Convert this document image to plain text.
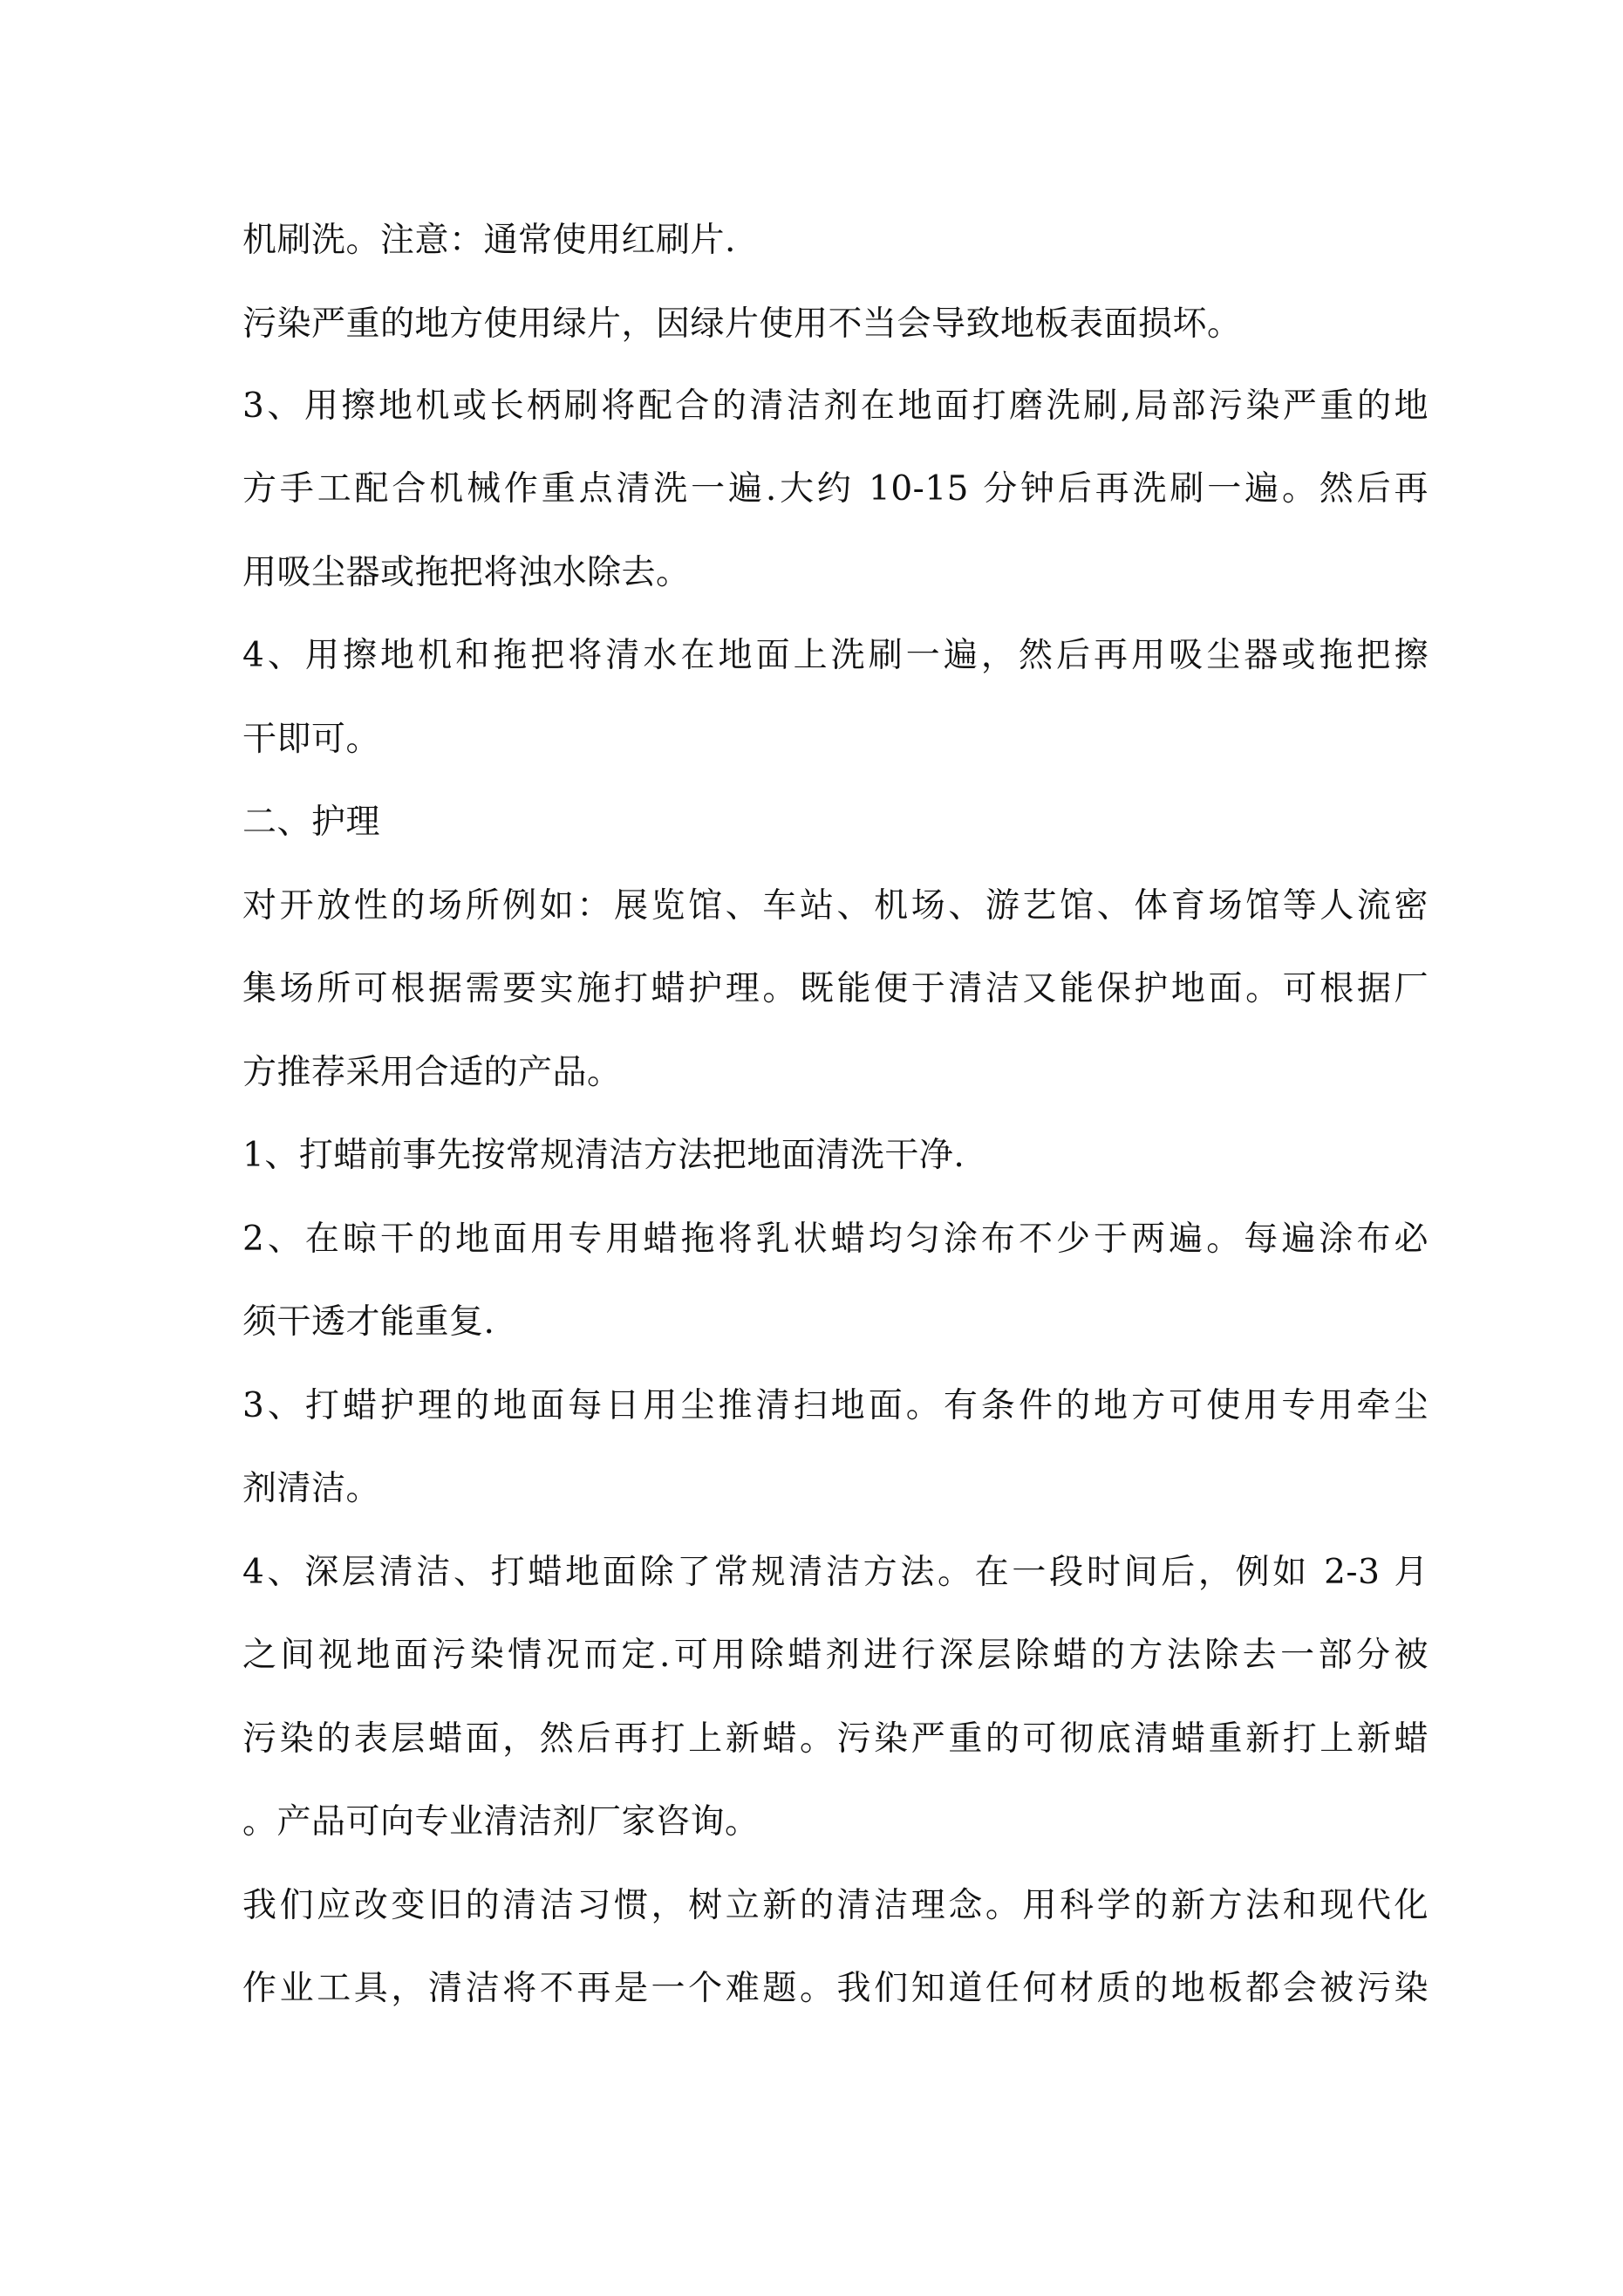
机刷洗。注意：通常使用红刷片.

污染严重的地方使用绿片，因绿片使用不当会导致地板表面损坏。

3、用擦地机或长柄刷将配合的清洁剂在地面打磨洗刷,局部污染严重的地

方手工配合机械作重点清洗一遍.大约 10-15 分钟后再洗刷一遍。然后再

用吸尘器或拖把将浊水除去。

4、用擦地机和拖把将清水在地面上洗刷一遍，然后再用吸尘器或拖把擦

干即可。

二、护理

对开放性的场所例如：展览馆、车站、机场、游艺馆、体育场馆等人流密

集场所可根据需要实施打蜡护理。既能便于清洁又能保护地面。可根据厂

方推荐采用合适的产品。

1、打蜡前事先按常规清洁方法把地面清洗干净.

2、在晾干的地面用专用蜡拖将乳状蜡均匀涂布不少于两遍。每遍涂布必

须干透才能重复.

3、打蜡护理的地面每日用尘推清扫地面。有条件的地方可使用专用牵尘

剂清洁。

4、深层清洁、打蜡地面除了常规清洁方法。在一段时间后，例如 2-3 月

之间视地面污染情况而定.可用除蜡剂进行深层除蜡的方法除去一部分被

污染的表层蜡面，然后再打上新蜡。污染严重的可彻底清蜡重新打上新蜡

。产品可向专业清洁剂厂家咨询。

我们应改变旧的清洁习惯，树立新的清洁理念。用科学的新方法和现代化

作业工具，清洁将不再是一个难题。我们知道任何材质的地板都会被污染
